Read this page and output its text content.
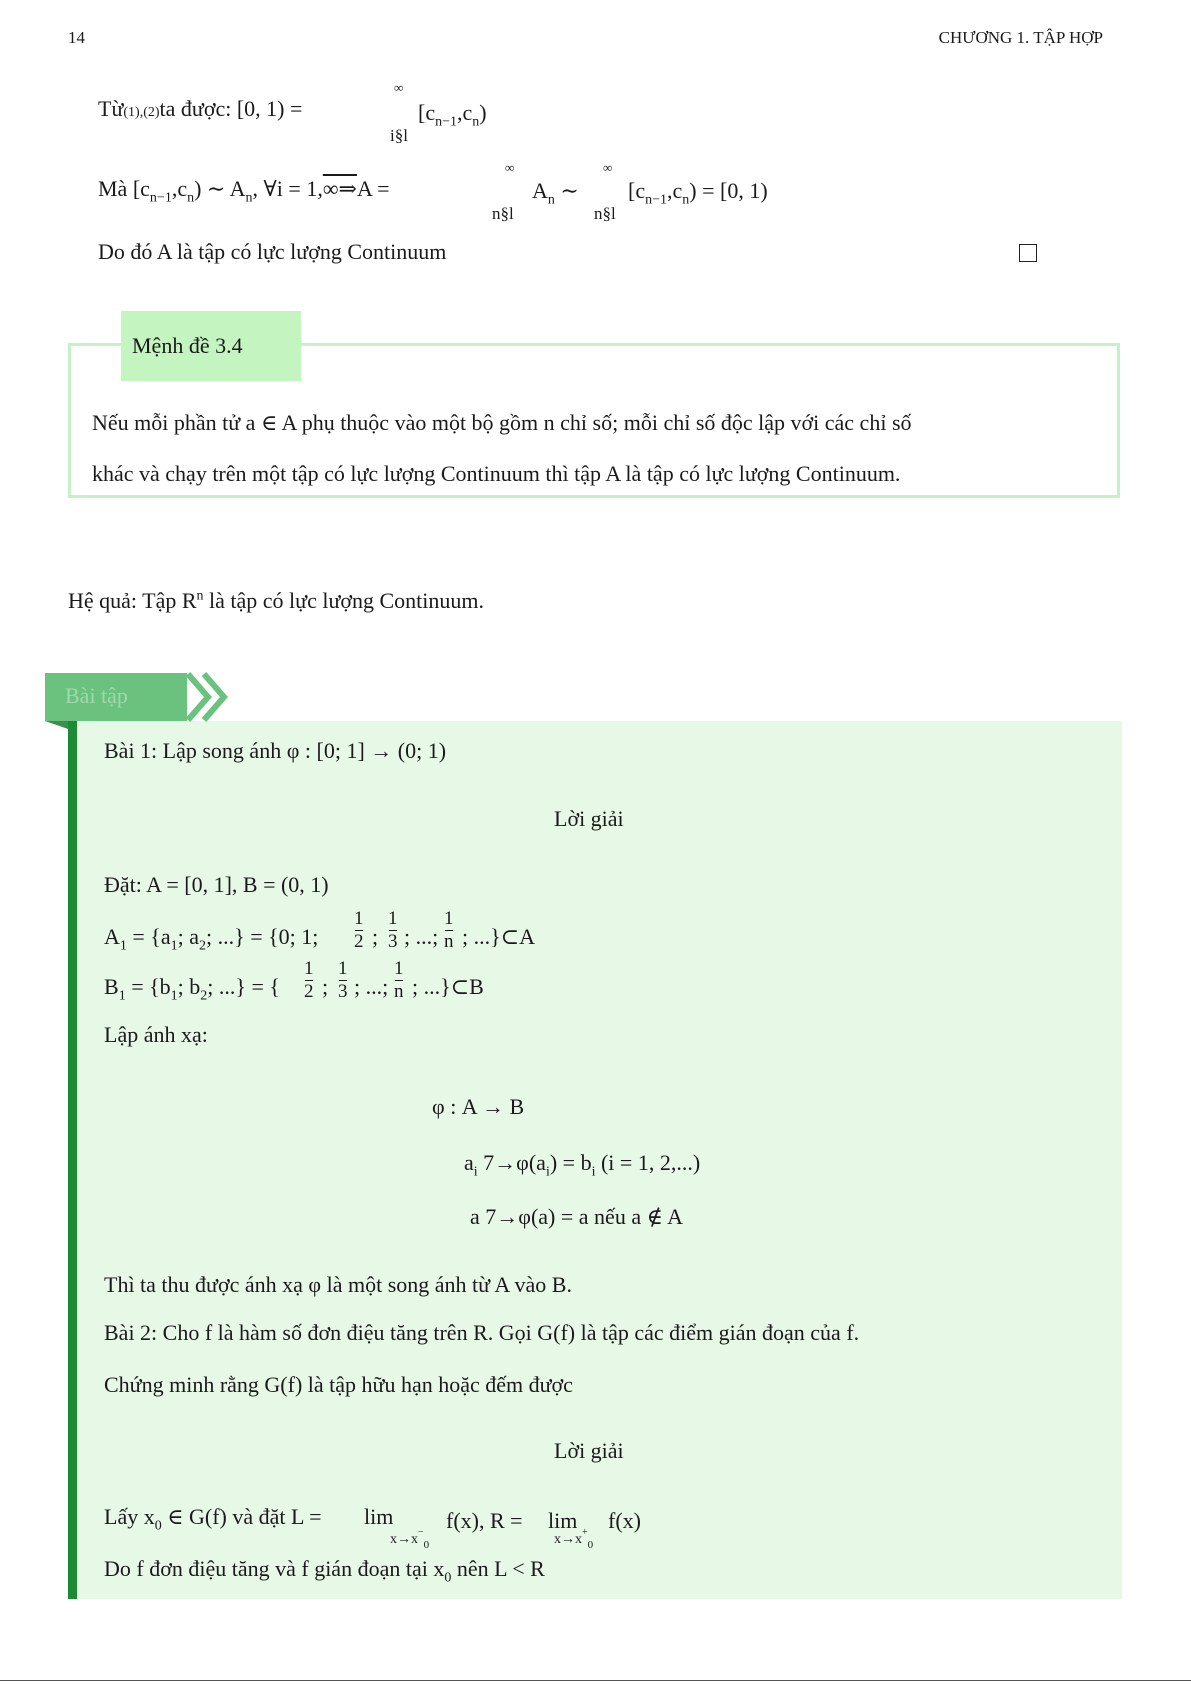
14	CHƯƠNG 1. TẬP HỢP
Từ(1),(2)ta được: [0, 1) =
∞
i§l
$[c_{n-1},c_n)$
Mà $[c_{n-1},c_n)$ ∼ $A_n$, ∀i = 1,∞⇒A =
∞
n§l
$A_n$ ∼
∞
n§l
$[c_{n-1},c_n) = [0$, 1)
Do đó A là tập có lực lượng Continuum
Mệnh đề 3.4
Nếu mỗi phần tử a ∈ A phụ thuộc vào một bộ gồm n chỉ số; mỗi chỉ số độc lập với các chỉ số
khác và chạy trên một tập có lực lượng Continuum thì tập A là tập có lực lượng Continuum.
Hệ quả: Tập $R^n$ là tập có lực lượng Continuum.
Bài tập
Bài 1: Lập song ánh φ : [0; 1] → (0; 1)
Lời giải
Đặt: A = [0, 1], B = (0, 1)
$A_1 = \{a_1$; $a_2$; ...} = {0; 1;
1
2 ;
1
3 ; ...;
1
n ; ...}⊂A
$B_1 = \{b_1$; $b_2$; ...} = {
1
2 ;
1
3 ; ...;
1
n ; ...}⊂B
Lập ánh xạ:
φ : A → B
$a_i$ $7\to\varphi(a_i) = b_i$ (i = 1, 2,...)
a 7→φ(a) = a nếu a ∉ A
Thì ta thu được ánh xạ φ là một song ánh từ A vào B.
Bài 2: Cho f là hàm số đơn điệu tăng trên R. Gọi G(f) là tập các điểm gián đoạn của f.
Chứng minh rằng G(f) là tập hữu hạn hoặc đếm được
Lời giải
Lấy $x_0$ ∈ G(f) và đặt L = lim
$x\to x^-_0$
f(x), R = lim
$x\to x^+_0$
f(x)
Do f đơn điệu tăng và f gián đoạn tại $x_0$ nên L < R
